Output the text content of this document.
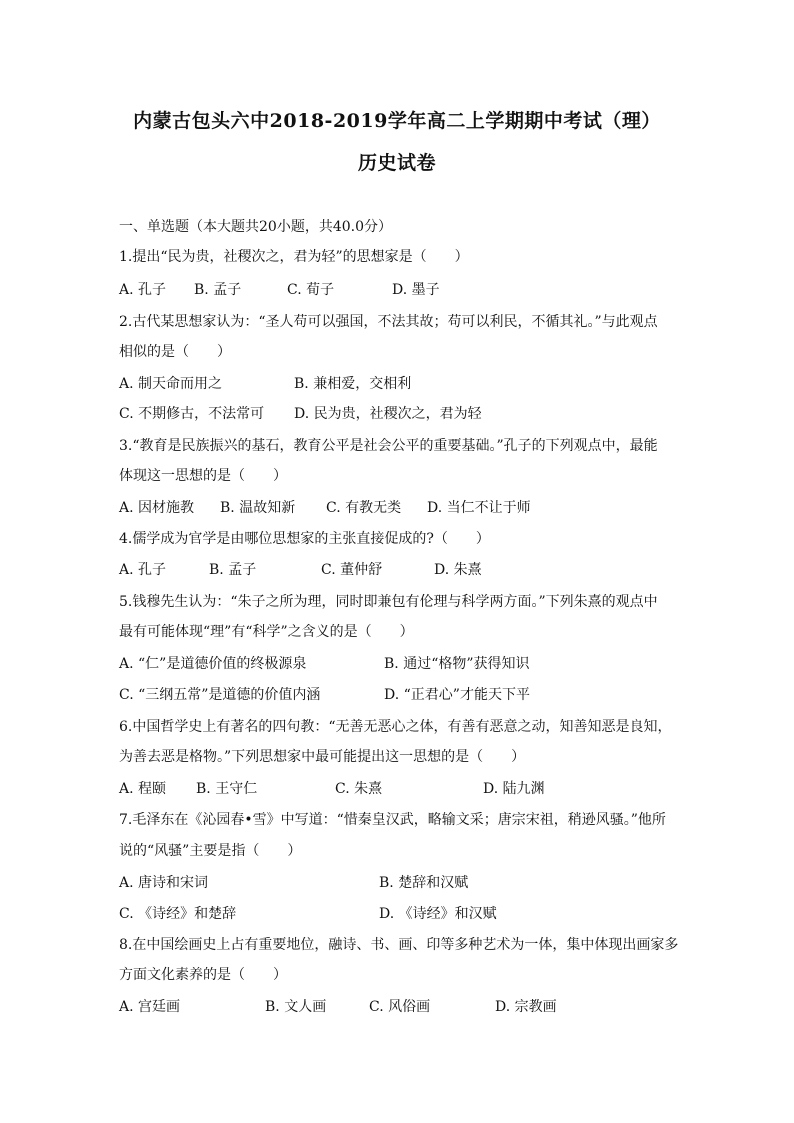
内蒙古包头六中2018-2019学年高二上学期期中考试（理）
历史试卷
一、单选题（本大题共20小题，共40.0分）
1.提出“民为贵，社稷次之，君为轻”的思想家是（　　）
A. 孔子 B. 孟子	C. 荀子	D. 墨子
2.古代某思想家认为：“圣人苟可以强国，不法其故；苟可以利民，不循其礼。”与此观点
相似的是（　　）
A. 制天命而用之	B. 兼相爱，交相利
C. 不期修古，不法常可 D. 民为贵，社稷次之，君为轻
3.“教育是民族振兴的基石，教育公平是社会公平的重要基础。”孔子的下列观点中，最能
体现这一思想的是（　　）
A. 因材施教 B. 温故知新 C. 有教无类 D. 当仁不让于师
4.儒学成为官学是由哪位思想家的主张直接促成的?（　　）
A. 孔子	B. 孟子	C. 董仲舒	D. 朱熹
5.钱穆先生认为：“朱子之所为理，同时即兼包有伦理与科学两方面。”下列朱熹的观点中
最有可能体现“理”有“科学”之含义的是（　　）
A. “仁”是道德价值的终极源泉	B. 通过“格物”获得知识
C. “三纲五常”是道德的价值内涵	D. “正君心”才能天下平
6.中国哲学史上有著名的四句教：“无善无恶心之体，有善有恶意之动，知善知恶是良知，
为善去恶是格物。”下列思想家中最可能提出这一思想的是（　　）
A. 程颐 B. 王守仁	C. 朱熹	D. 陆九渊
7.毛泽东在《沁园春•雪》中写道：“惜秦皇汉武，略输文采；唐宗宋祖，稍逊风骚。”他所
说的“风骚”主要是指（　　）
A. 唐诗和宋词	B. 楚辞和汉赋
C. 《诗经》和楚辞	D. 《诗经》和汉赋
8.在中国绘画史上占有重要地位，融诗、书、画、印等多种艺术为一体，集中体现出画家多
方面文化素养的是（　　）
A. 宫廷画	B. 文人画	C. 风俗画	D. 宗教画
